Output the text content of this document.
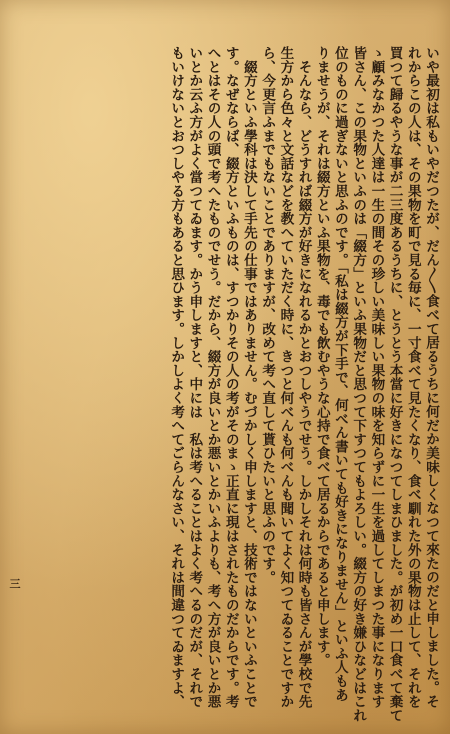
いや最初は私もいやだつたが、だん〳〵食べて居るうちに何だか美味しくなつて來たのだと申しました。そ
れからこの人は、その果物を町で見る毎に、一寸食べて見たくなり、食べ馴れた外の果物は止して、それを
買つて歸るやうな事が二三度あるうちに、とうとう本當に好きになつてしまひました。が初め一口食べて棄て
ゝ顧みなかつた人達は一生の間その珍しい美味しい果物の味を知らずに一生を過してしまつた事になります
皆さん、この果物といふのは「綴方」といふ果物だと思つて下すつてもよろしい。綴方の好き嫌ひなどはこれ
位のものに過ぎないと思ふのです。「私は綴方が下手で、何べん書いても好きになりません」といふ人もあ
りませうが、それは綴方といふ果物を、毒でも飲むやうな心持で食べて居るからであると申します。
　そんなら、どうすれば綴方が好きになれるかとおつしやうでせう。しかしそれは何時も皆さんが學校で先
生方から色々と文話などを教へていただく時に、きつと何べんも何べんも聞いてよく知つてゐることですか
ら、今更言ふまでもないことでありますが、改めて考へ直して貰ひたいと思ふのです。
　綴方といふ學科は決して手先の仕事ではありません。むづかしく申しますと、技術ではないといふことで
す。なぜならば、綴方といふものは、すつかりその人の考がそのまゝ正直に現はされたものだからです。考
へとはその人の頭で考へたものでせう。だから、綴方が良いとか悪いとかいふよりも、考へ方が良いとか悪
いとか云ふ方がよく當つてゐます。かう申しますと、中には　私は考へることはよく考へるのだが、それで
もいけないとおつしやる方もあると思ひます。しかしよく考へてごらんなさい、それは間違つてゐますよ、
三
